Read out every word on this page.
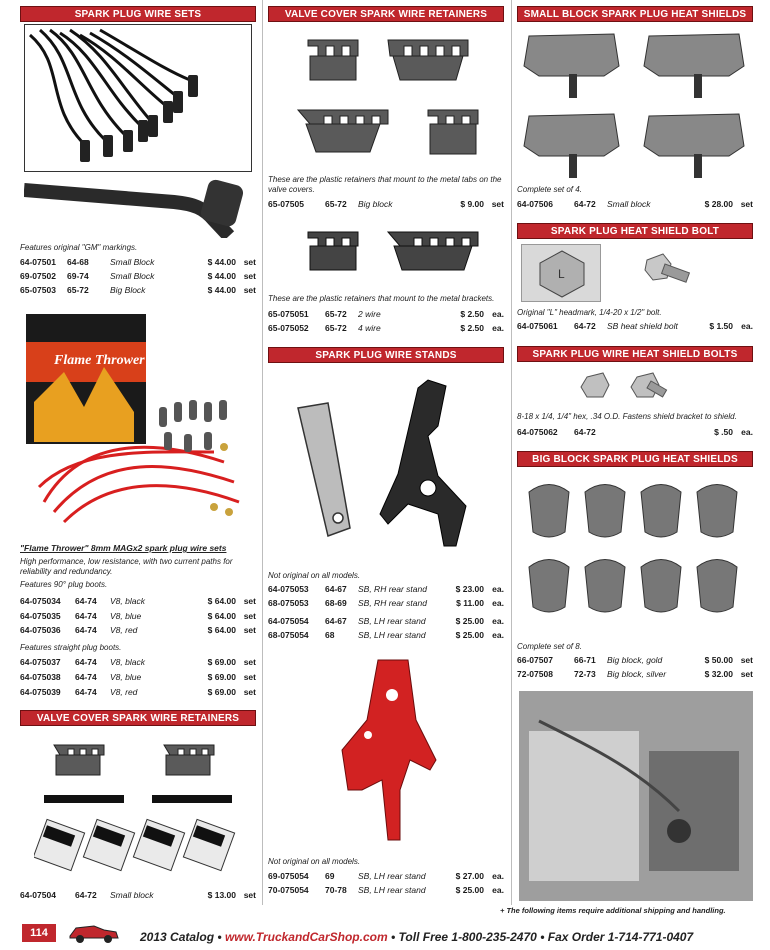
SPARK PLUG WIRE SETS
Features original "GM" markings.
64-07501 64-68	Small Block	$ 44.00 set
69-07502 69-74	Small Block	$ 44.00 set
65-07503 65-72	Big Block	$ 44.00 set
Flame Thrower
"Flame Thrower" 8mm MAGx2 spark plug wire sets
High performance, low resistance, with two current paths for reliability and redundancy.
Features 90° plug boots.
64-075034 64-74 V8, black	$ 64.00 set
64-075035 64-74 V8, blue	$ 64.00 set
64-075036 64-74 V8, red	$ 64.00 set
Features straight plug boots.
64-075037 64-74 V8, black	$ 69.00 set
64-075038 64-74 V8, blue	$ 69.00 set
64-075039 64-74 V8, red	$ 69.00 set
VALVE COVER SPARK WIRE RETAINERS
64-07504 64-72 Small block	$ 13.00 set
VALVE COVER SPARK WIRE RETAINERS
These are the plastic retainers that mount to the metal tabs on the valve covers.
65-07505 65-72 Big block	$ 9.00 set
These are the plastic retainers that mount to the metal brackets.
65-075051 65-72 2 wire	$ 2.50 ea.
65-075052 65-72 4 wire	$ 2.50 ea.
SPARK PLUG WIRE STANDS
Not original on all models.
64-075053 64-67 SB, RH rear stand	$ 23.00 ea.
68-075053 68-69 SB, RH rear stand	$ 11.00 ea.
64-075054 64-67 SB, LH rear stand	$ 25.00 ea.
68-075054 68	SB, LH rear stand	$ 25.00 ea.
Not original on all models.
69-075054 69	SB, LH rear stand	$ 27.00 ea.
70-075054 70-78 SB, LH rear stand	$ 25.00 ea.
SMALL BLOCK SPARK PLUG HEAT SHIELDS
Complete set of 4.
64-07506 64-72 Small block	$ 28.00 set
SPARK PLUG HEAT SHIELD BOLT
L
Original "L" headmark, 1/4-20 x 1/2" bolt.
64-075061 64-72 SB heat shield bolt	$ 1.50 ea.
SPARK PLUG WIRE HEAT SHIELD BOLTS
8-18 x 1/4, 1/4" hex, .34 O.D. Fastens shield bracket to shield.
64-075062 64-72	$ .50 ea.
BIG BLOCK SPARK PLUG HEAT SHIELDS
Complete set of 8.
66-07507 66-71 Big block, gold	$ 50.00 set
72-07508 72-73 Big block, silver	$ 32.00 set
+ The following items require additional shipping and handling.
114	2013 Catalog • www.TruckandCarShop.com • Toll Free 1-800-235-2470 • Fax Order 1-714-771-0407
